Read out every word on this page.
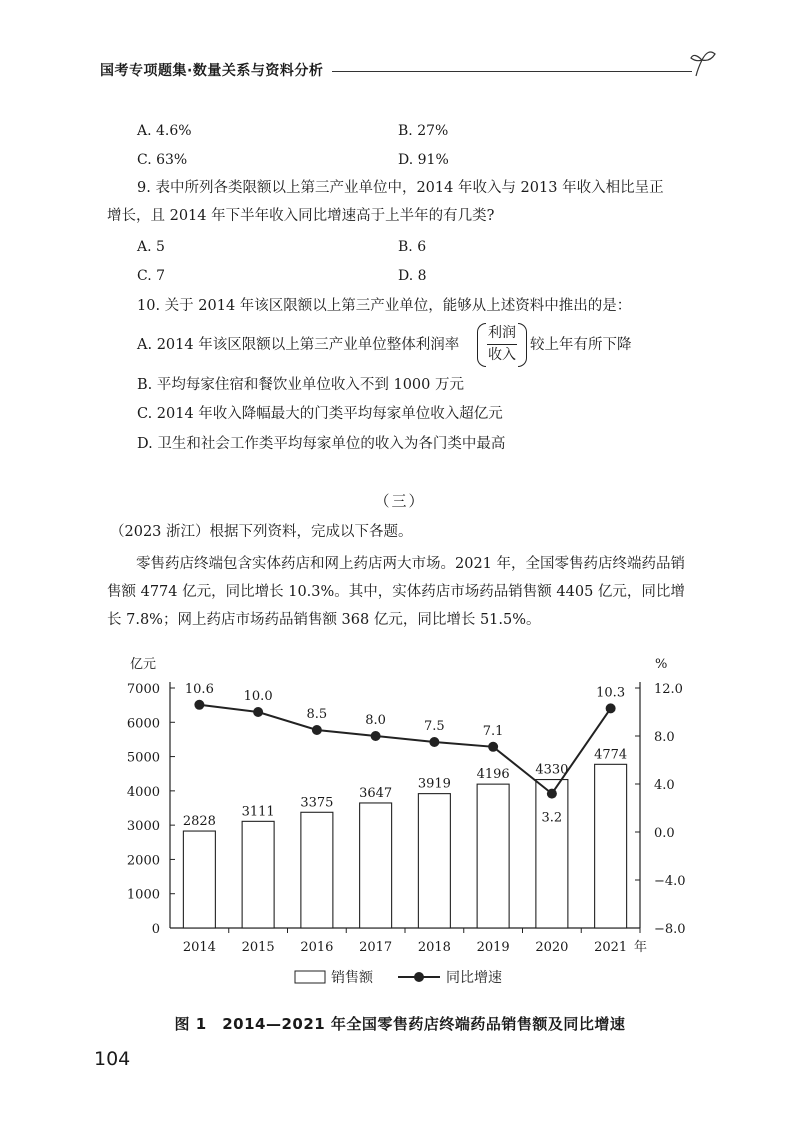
国考专项题集·数量关系与资料分析
A. 4.6%	B. 27%
C. 63%	D. 91%
9. 表中所列各类限额以上第三产业单位中，2014 年收入与 2013 年收入相比呈正
增长，且 2014 年下半年收入同比增速高于上半年的有几类?
A. 5	B. 6
C. 7	D. 8
10. 关于 2014 年该区限额以上第三产业单位，能够从上述资料中推出的是：
A. 2014 年该区限额以上第三产业单位整体利润率
利润
收入
较上年有所下降
B. 平均每家住宿和餐饮业单位收入不到 1000 万元
C. 2014 年收入降幅最大的门类平均每家单位收入超亿元
D. 卫生和社会工作类平均每家单位的收入为各门类中最高
（三）
（2023 浙江）根据下列资料，完成以下各题。
零售药店终端包含实体药店和网上药店两大市场。2021 年，全国零售药店终端药品销售额 4774 亿元，同比增长 10.3%。其中，实体药店市场药品销售额 4405 亿元，同比增长 7.8%；网上药店市场药品销售额 368 亿元，同比增长 51.5%。
0
1000
2000
3000
4000
5000
6000
7000
−8.0
−4.0
0.0
4.0
8.0
12.0
亿元	%
2014 2015 2016 2017 2018 2019 2020 2021 年
2828
3111
3375
3647
3919
4196 4330
4774
10.6 10.0
8.5	8.0	7.5	7.1
3.2
10.3
销售额	同比增速
图 1　2014—2021 年全国零售药店终端药品销售额及同比增速
104
